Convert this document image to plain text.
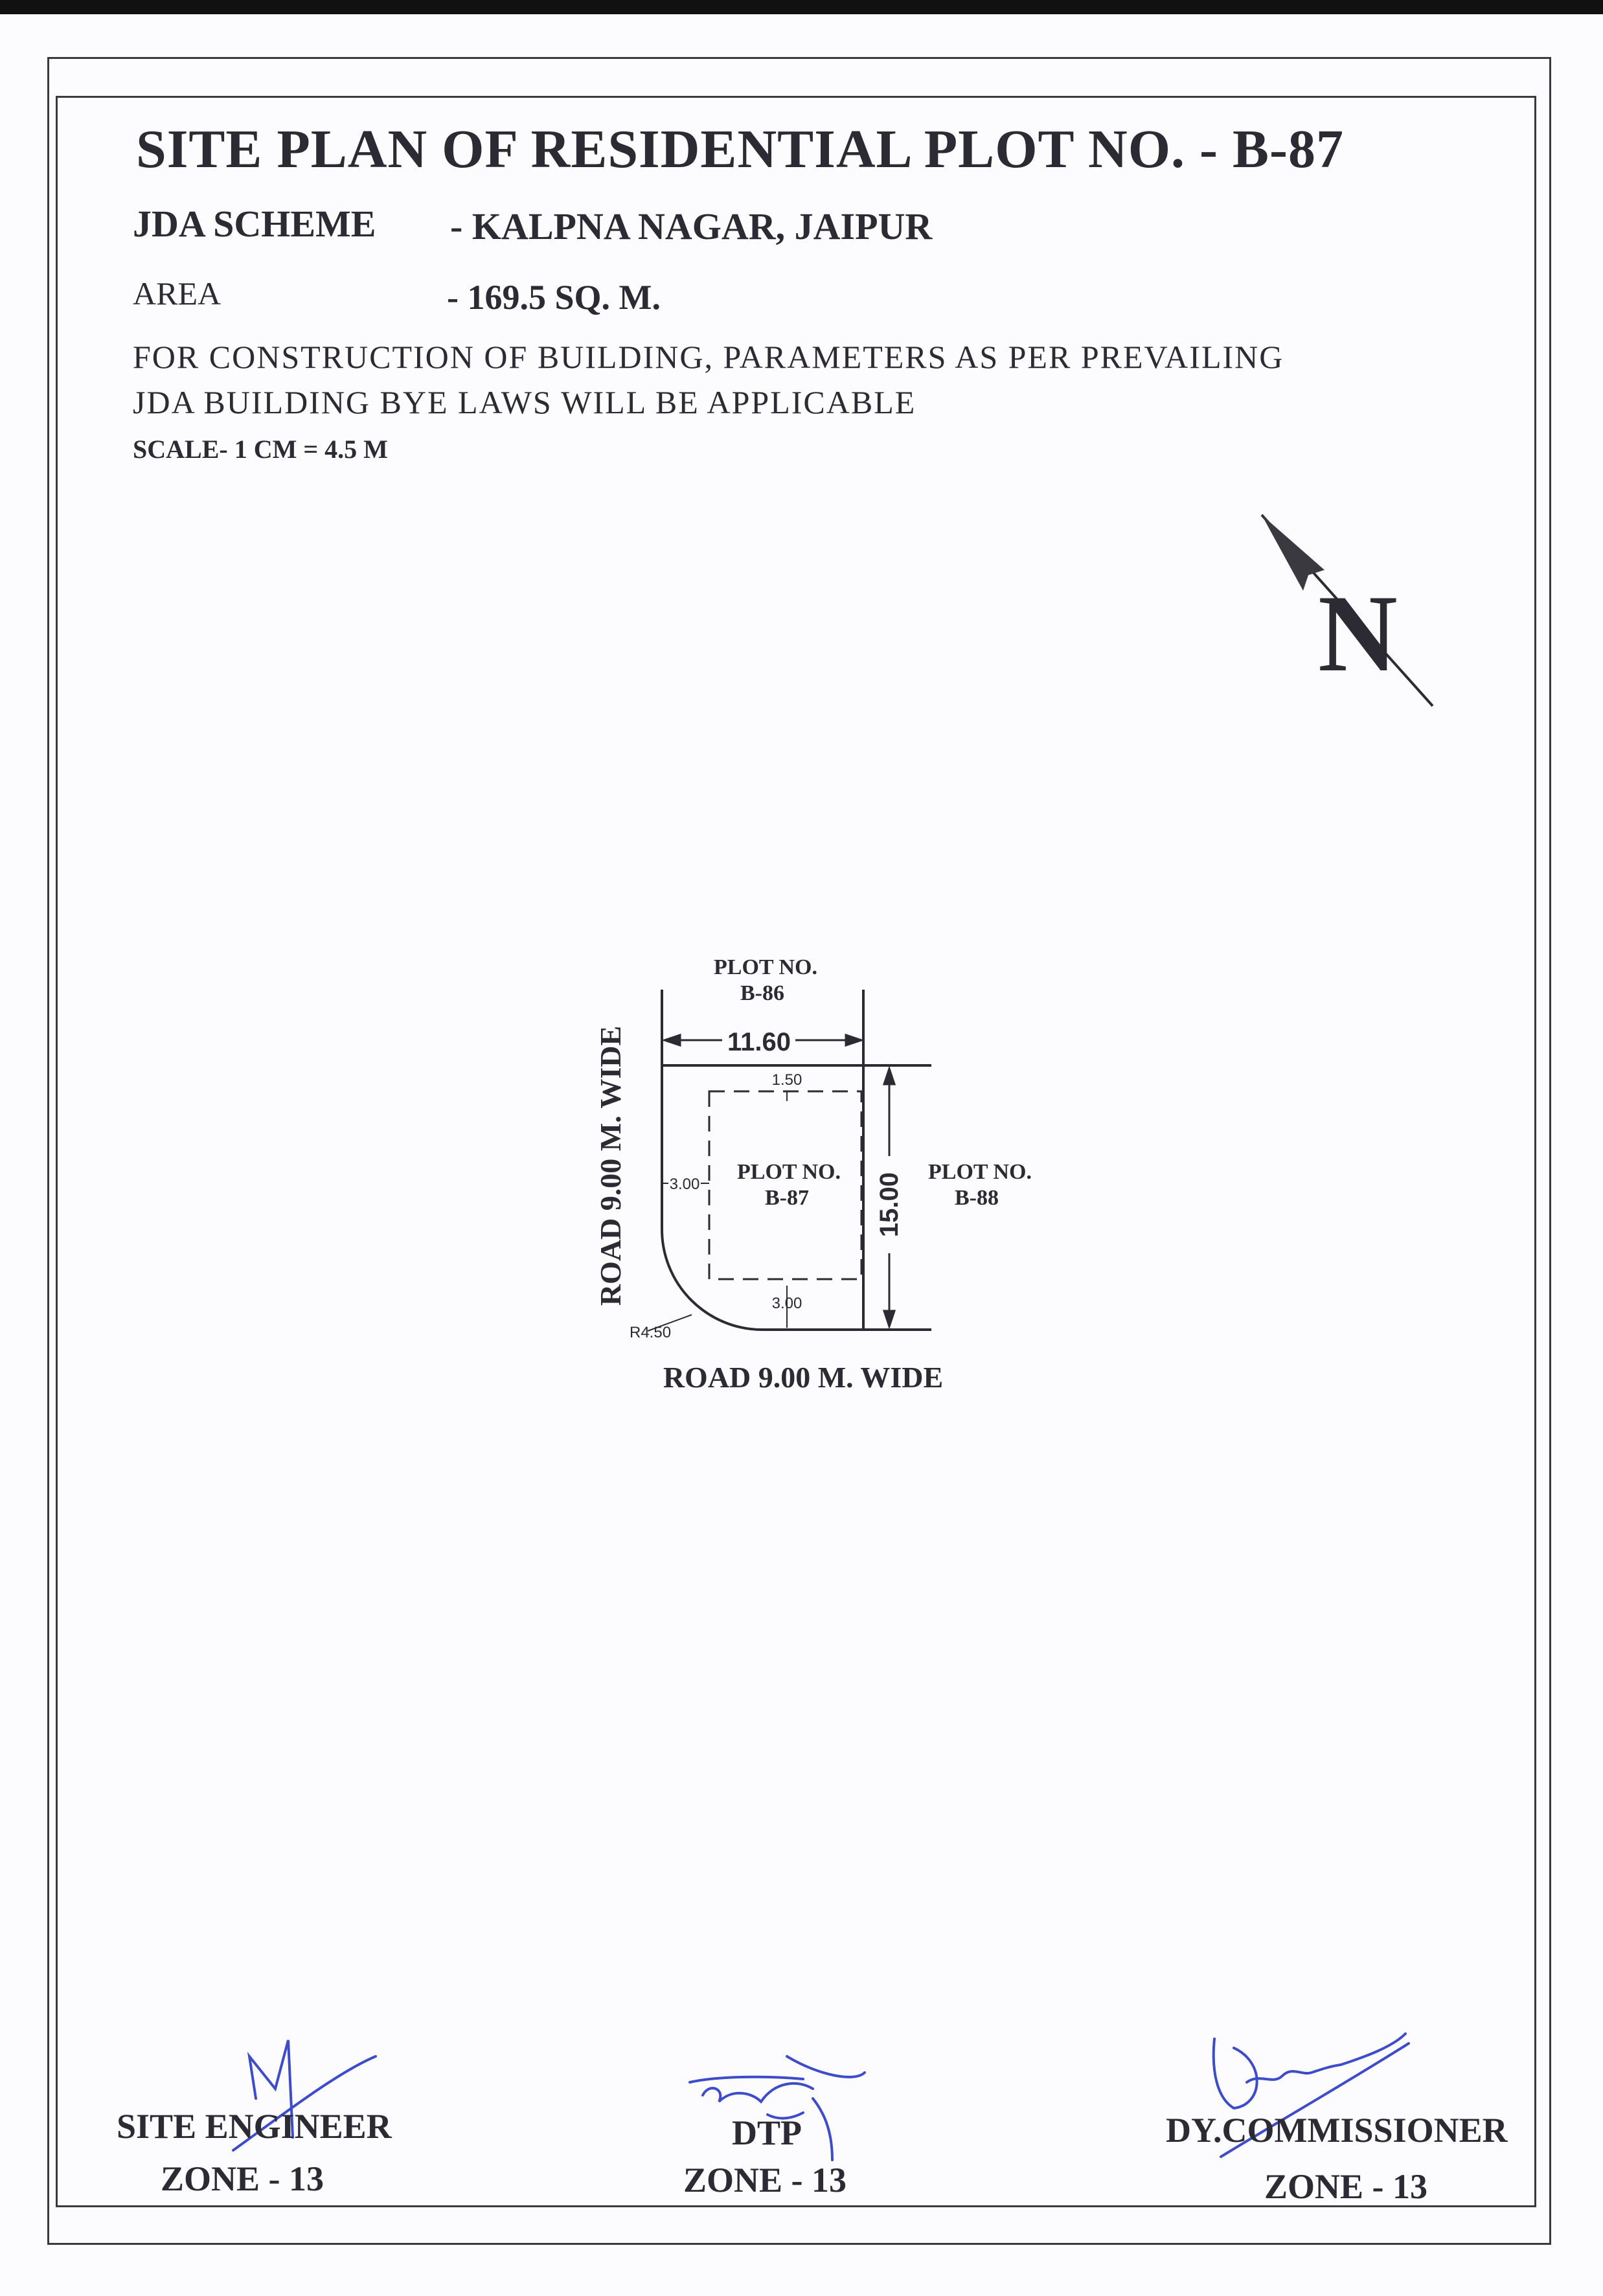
SITE PLAN OF RESIDENTIAL PLOT NO. - B-87
JDA SCHEME - KALPNA NAGAR, JAIPUR
AREA	- 169.5 SQ. M.
FOR CONSTRUCTION OF BUILDING, PARAMETERS AS PER PREVAILING
JDA BUILDING BYE LAWS WILL BE APPLICABLE
SCALE- 1 CM = 4.5 M
N
11.60
15.00
1.50
3.00
3.00
R4.50
PLOT NO.
B-86
PLOT NO.
B-87
PLOT NO.
B-88
ROAD 9.00 M. WIDE
ROAD 9.00 M. WIDE
SITE ENGINEER
ZONE - 13
DTP
ZONE - 13
DY.COMMISSIONER
ZONE - 13
